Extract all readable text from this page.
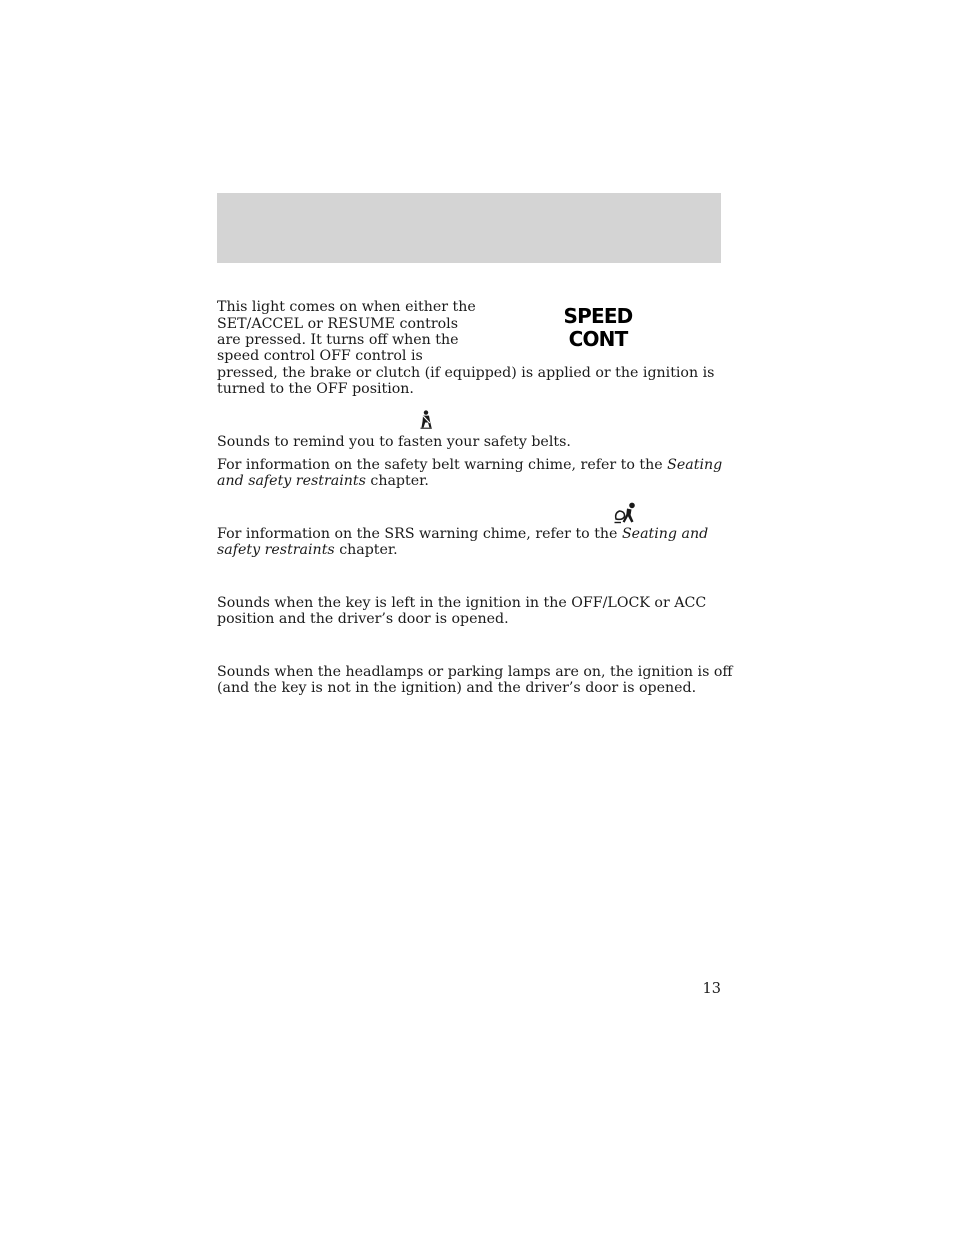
This light comes on when either the
SET/ACCEL or RESUME controls
are pressed. It turns off when the
speed control OFF control is
pressed, the brake or clutch (if equipped) is applied or the ignition is
turned to the OFF position.
SPEED
CONT
Sounds to remind you to fasten your safety belts.
For information on the safety belt warning chime, refer to the Seating
and safety restraints chapter.
For information on the SRS warning chime, refer to the Seating and
safety restraints chapter.
Sounds when the key is left in the ignition in the OFF/LOCK or ACC
position and the driver’s door is opened.
Sounds when the headlamps or parking lamps are on, the ignition is off
(and the key is not in the ignition) and the driver’s door is opened.
13
